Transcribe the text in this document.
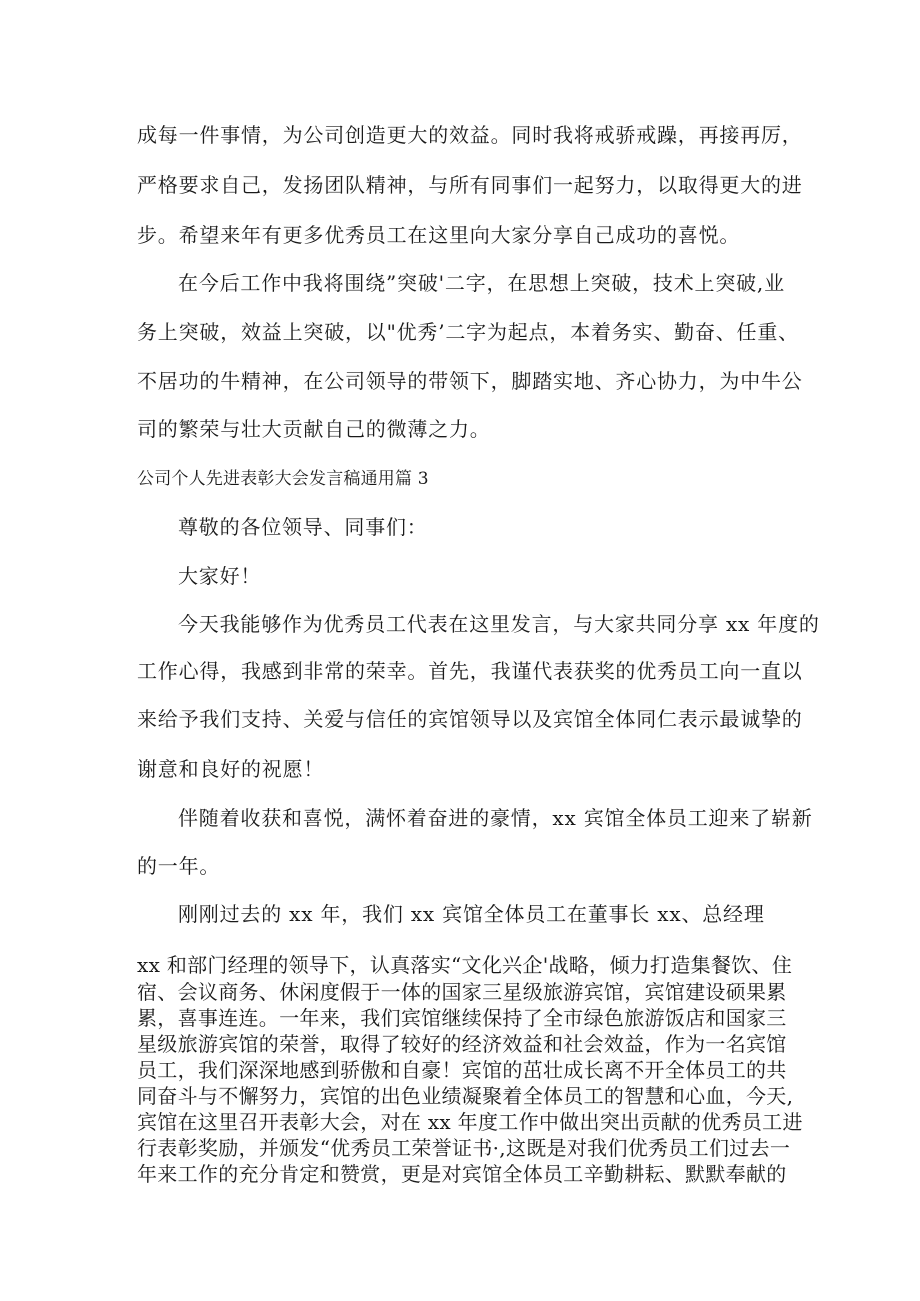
成每一件事情，为公司创造更大的效益。同时我将戒骄戒躁，再接再厉，
严格要求自己，发扬团队精神，与所有同事们一起努力，以取得更大的进
步。希望来年有更多优秀员工在这里向大家分享自己成功的喜悦。
在今后工作中我将围绕”突破'二字，在思想上突破，技术上突破,业
务上突破，效益上突破，以"优秀’二字为起点，本着务实、勤奋、任重、
不居功的牛精神，在公司领导的带领下，脚踏实地、齐心协力，为中牛公
司的繁荣与壮大贡献自己的微薄之力。
公司个人先进表彰大会发言稿通用篇 3
尊敬的各位领导、同事们：
大家好！
今天我能够作为优秀员工代表在这里发言，与大家共同分享 xx 年度的
工作心得，我感到非常的荣幸。首先，我谨代表获奖的优秀员工向一直以
来给予我们支持、关爱与信任的宾馆领导以及宾馆全体同仁表示最诚挚的
谢意和良好的祝愿！
伴随着收获和喜悦，满怀着奋进的豪情，xx 宾馆全体员工迎来了崭新
的一年。
刚刚过去的 xx 年，我们 xx 宾馆全体员工在董事长 xx、总经理
xx 和部门经理的领导下，认真落实“文化兴企'战略，倾力打造集餐饮、住
宿、会议商务、休闲度假于一体的国家三星级旅游宾馆，宾馆建设硕果累
累，喜事连连。一年来，我们宾馆继续保持了全市绿色旅游饭店和国家三
星级旅游宾馆的荣誉，取得了较好的经济效益和社会效益，作为一名宾馆
员工，我们深深地感到骄傲和自豪！宾馆的茁壮成长离不开全体员工的共
同奋斗与不懈努力，宾馆的出色业绩凝聚着全体员工的智慧和心血，今天,
宾馆在这里召开表彰大会，对在 xx 年度工作中做出突出贡献的优秀员工进
行表彰奖励，并颁发“优秀员工荣誉证书·,这既是对我们优秀员工们过去一
年来工作的充分肯定和赞赏，更是对宾馆全体员工辛勤耕耘、默默奉献的
